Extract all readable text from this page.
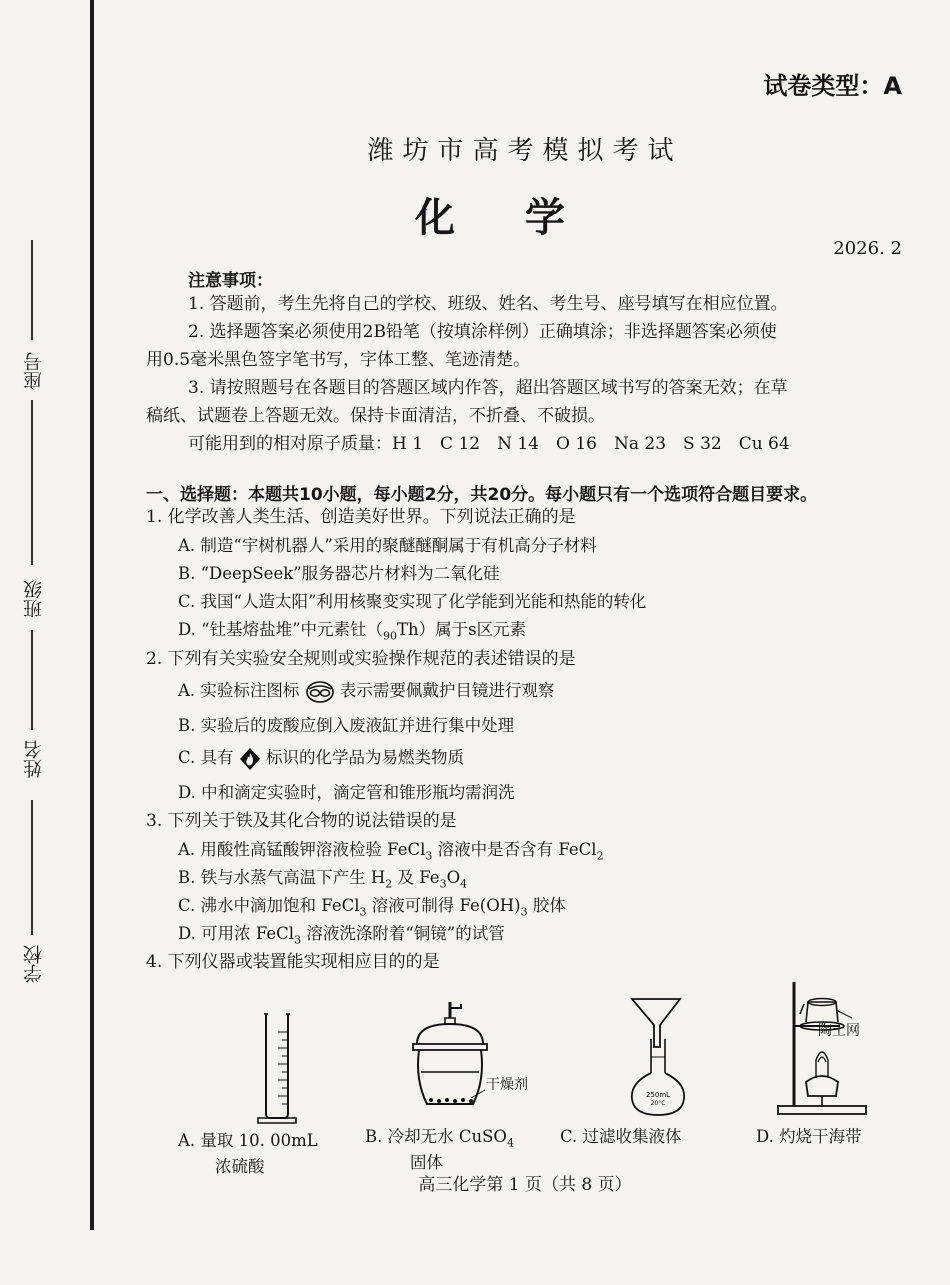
座号
班级
姓名
学校
试卷类型：A
潍坊市高考模拟考试
化学
2026. 2
注意事项：
1. 答题前，考生先将自己的学校、班级、姓名、考生号、座号填写在相应位置。
2. 选择题答案必须使用2B铅笔（按填涂样例）正确填涂；非选择题答案必须使
用0.5毫米黑色签字笔书写，字体工整、笔迹清楚。
3. 请按照题号在各题目的答题区域内作答，超出答题区域书写的答案无效；在草
稿纸、试题卷上答题无效。保持卡面清洁，不折叠、不破损。
可能用到的相对原子质量：H 1　C 12　N 14　O 16　Na 23　S 32　Cu 64
一、选择题：本题共10小题，每小题2分，共20分。每小题只有一个选项符合题目要求。
1. 化学改善人类生活、创造美好世界。下列说法正确的是
A. 制造“宇树机器人”采用的聚醚醚酮属于有机高分子材料
B. “DeepSeek”服务器芯片材料为二氧化硅
C. 我国“人造太阳”利用核聚变实现了化学能到光能和热能的转化
D. “钍基熔盐堆”中元素钍$(_{90}Th)$属于s区元素
2. 下列有关实验安全规则或实验操作规范的表述错误的是
A. 实验标注图标 表示需要佩戴护目镜进行观察
B. 实验后的废酸应倒入废液缸并进行集中处理
C. 具有 标识的化学品为易燃类物质
D. 中和滴定实验时，滴定管和锥形瓶均需润洗
3. 下列关于铁及其化合物的说法错误的是
A. 用酸性高锰酸钾溶液检验 FeCl$_3$ 溶液中是否含有 FeCl$_2$
B. 铁与水蒸气高温下产生 $H_2$ 及 $Fe_3O_4$
C. 沸水中滴加饱和 FeCl$_3$ 溶液可制得 $Fe(OH)_3$ 胶体
D. 可用浓 FeCl$_3$ 溶液洗涤附着“铜镜”的试管
4. 下列仪器或装置能实现相应目的的是
A. 量取 10. 00mL
浓硫酸
干燥剂
B. 冷却无水 CuSO$_4$
固体
250mL
20°C
C. 过滤收集液体
陶土网
D. 灼烧干海带
高三化学第 1 页（共 8 页）
